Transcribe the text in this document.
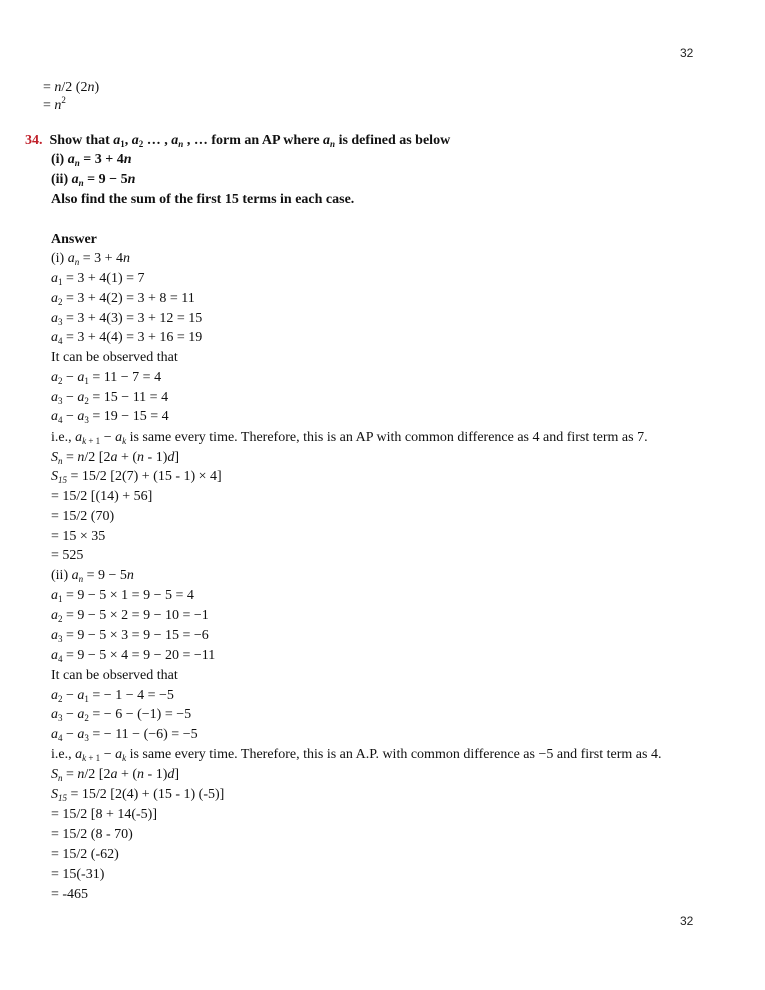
32
= n/2 (2n)
= $n^2$
34.  Show that $a_1$, $a_2$ … , $a_n$ , … form an AP where $a_n$ is defined as below
(i) $a_n = 3 + 4n$
(ii) $a_n = 9 - 5n$
Also find the sum of the first 15 terms in each case.
Answer
(i) $a_n = 3 + 4n$
$a_1 = 3 + 4(1) = 7$
$a_2 = 3 + 4(2) = 3 + 8 = 11$
$a_3 = 3 + 4(3) = 3 + 12 = 15$
$a_4 = 3 + 4(4) = 3 + 16 = 19$
It can be observed that
$a_2 - a_1 = 11 - 7 = 4$
$a_3 - a_2 = 15 - 11 = 4$
$a_4 - a_3 = 19 - 15 = 4$
i.e., $a_{k + 1} - a_k$ is same every time. Therefore, this is an AP with common difference as 4 and first term as 7.
$S_n = n/2$ [2a + (n - 1)d]
$S_{15} = 15/2$ [2(7) + (15 - 1) × 4]
= 15/2 [(14) + 56]
= 15/2 (70)
= 15 × 35
= 525
(ii) $a_n = 9 - 5n$
$a_1 = 9 - 5 \times 1 = 9 - 5 = 4$
$a_2 = 9 - 5 \times 2 = 9 - 10 = -1$
$a_3 = 9 - 5 \times 3 = 9 - 15 = -6$
$a_4 = 9 - 5 \times 4 = 9 - 20 = -11$
It can be observed that
$a_2 - a_1$ = − 1 − 4 = −5
$a_3 - a_2$ = − 6 − (−1) = −5
$a_4 - a_3$ = − 11 − (−6) = −5
i.e., $a_{k + 1} - a_k$ is same every time. Therefore, this is an A.P. with common difference as −5 and first term as 4.
$S_n = n/2$ [2a + (n - 1)d]
$S_{15} = 15/2$ [2(4) + (15 - 1) (-5)]
= 15/2 [8 + 14(-5)]
= 15/2 (8 - 70)
= 15/2 (-62)
= 15(-31)
= -465
32
